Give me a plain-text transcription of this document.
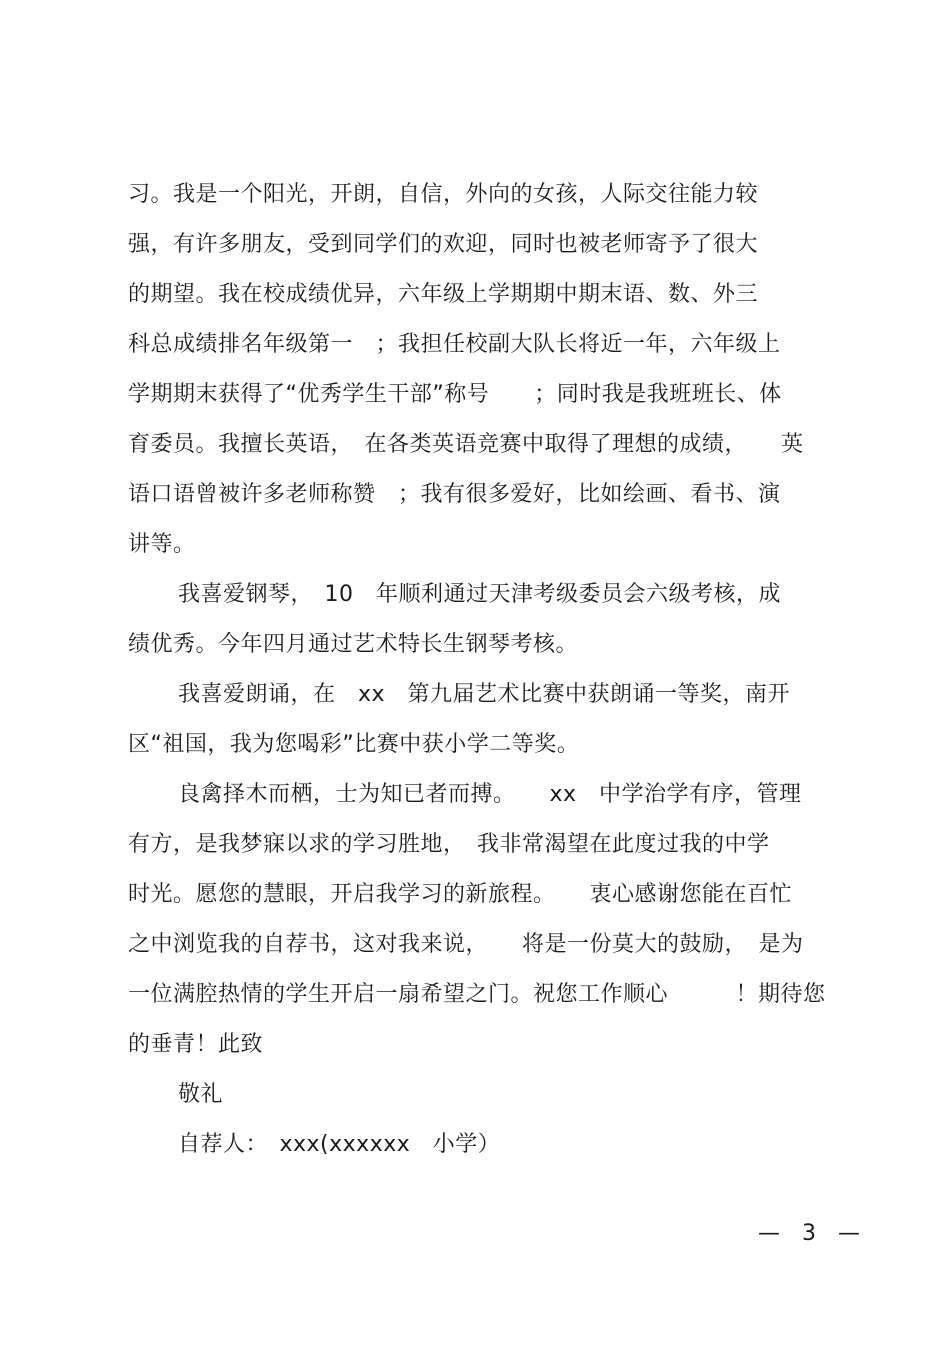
习。我是一个阳光，开朗，自信，外向的女孩，人际交往能力较
强，有许多朋友，受到同学们的欢迎，同时也被老师寄予了很大
的期望。我在校成绩优异，六年级上学期期中期末语、数、外三
科总成绩排名年级第一　；我担任校副大队长将近一年，六年级上
学期期末获得了“优秀学生干部”称号　　；同时我是我班班长、体
育委员。我擅长英语，　在各类英语竞赛中取得了理想的成绩，　　英
语口语曾被许多老师称赞　；我有很多爱好，比如绘画、看书、演
讲等。
我喜爱钢琴，　10　年顺利通过天津考级委员会六级考核，成
绩优秀。今年四月通过艺术特长生钢琴考核。
我喜爱朗诵，在　xx　第九届艺术比赛中获朗诵一等奖，南开
区“祖国，我为您喝彩”比赛中获小学二等奖。
良禽择木而栖，士为知已者而搏。　　xx　中学治学有序，管理
有方，是我梦寐以求的学习胜地，　我非常渴望在此度过我的中学
时光。愿您的慧眼，开启我学习的新旅程。　　衷心感谢您能在百忙
之中浏览我的自荐书，这对我来说，　　将是一份莫大的鼓励，　是为
一位满腔热情的学生开启一扇希望之门。祝您工作顺心　　　！期待您
的垂青！此致
敬礼
自荐人：　xxx(xxxxxx　小学）
—　3　—
